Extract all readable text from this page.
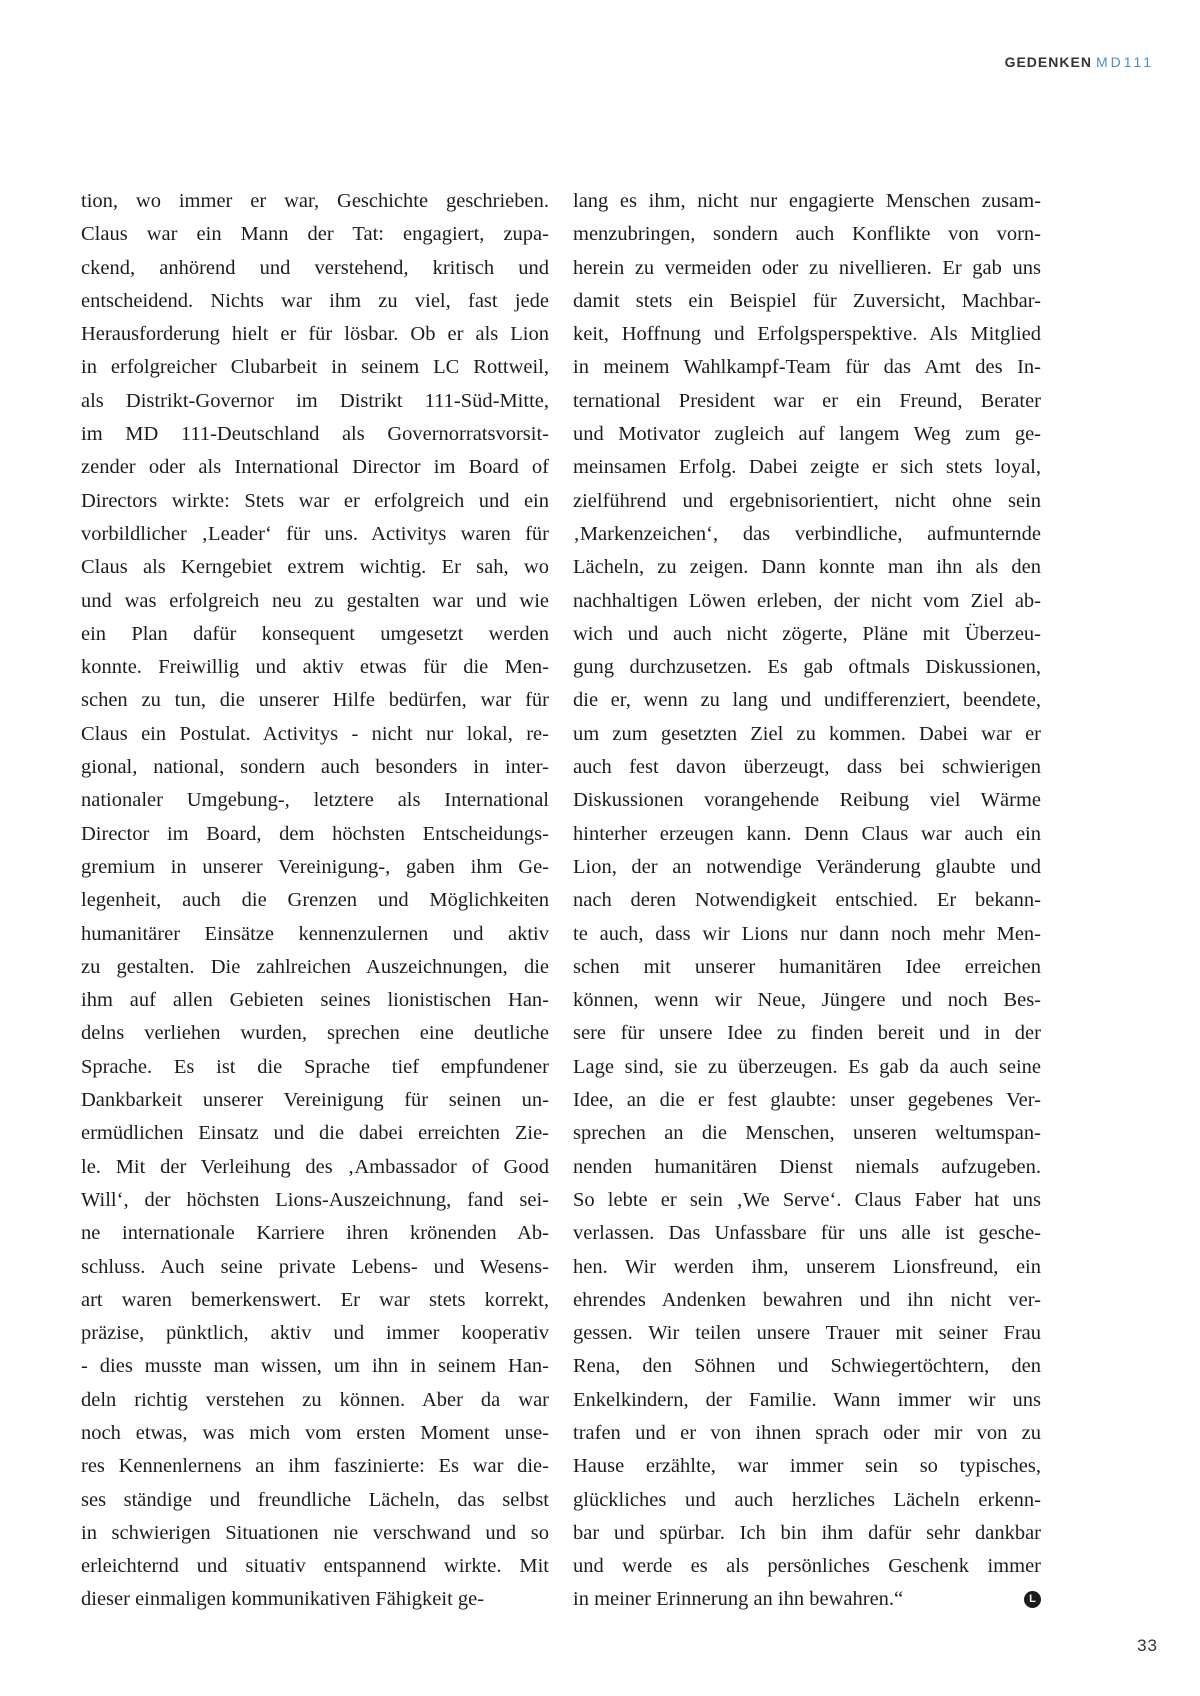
GEDENKEN MD111
tion, wo immer er war, Geschichte geschrieben.
Claus war ein Mann der Tat: engagiert, zupa-
ckend, anhörend und verstehend, kritisch und
entscheidend. Nichts war ihm zu viel, fast jede
Herausforderung hielt er für lösbar. Ob er als Lion
in erfolgreicher Clubarbeit in seinem LC Rottweil,
als Distrikt-Governor im Distrikt 111-Süd-Mitte,
im MD 111-Deutschland als Governorratsvorsit-
zender oder als International Director im Board of
Directors wirkte: Stets war er erfolgreich und ein
vorbildlicher ‚Leader‘ für uns. Activitys waren für
Claus als Kerngebiet extrem wichtig. Er sah, wo
und was erfolgreich neu zu gestalten war und wie
ein Plan dafür konsequent umgesetzt werden
konnte. Freiwillig und aktiv etwas für die Men-
schen zu tun, die unserer Hilfe bedürfen, war für
Claus ein Postulat. Activitys - nicht nur lokal, re-
gional, national, sondern auch besonders in inter-
nationaler Umgebung-, letztere als International
Director im Board, dem höchsten Entscheidungs-
gremium in unserer Vereinigung-, gaben ihm Ge-
legenheit, auch die Grenzen und Möglichkeiten
humanitärer Einsätze kennenzulernen und aktiv
zu gestalten. Die zahlreichen Auszeichnungen, die
ihm auf allen Gebieten seines lionistischen Han-
delns verliehen wurden, sprechen eine deutliche
Sprache. Es ist die Sprache tief empfundener
Dankbarkeit unserer Vereinigung für seinen un-
ermüdlichen Einsatz und die dabei erreichten Zie-
le. Mit der Verleihung des ‚Ambassador of Good
Will‘, der höchsten Lions-Auszeichnung, fand sei-
ne internationale Karriere ihren krönenden Ab-
schluss. Auch seine private Lebens- und Wesens-
art waren bemerkenswert. Er war stets korrekt,
präzise, pünktlich, aktiv und immer kooperativ
- dies musste man wissen, um ihn in seinem Han-
deln richtig verstehen zu können. Aber da war
noch etwas, was mich vom ersten Moment unse-
res Kennenlernens an ihm faszinierte: Es war die-
ses ständige und freundliche Lächeln, das selbst
in schwierigen Situationen nie verschwand und so
erleichternd und situativ entspannend wirkte. Mit
dieser einmaligen kommunikativen Fähigkeit ge-
lang es ihm, nicht nur engagierte Menschen zusam-
menzubringen, sondern auch Konflikte von vorn-
herein zu vermeiden oder zu nivellieren. Er gab uns
damit stets ein Beispiel für Zuversicht, Machbar-
keit, Hoffnung und Erfolgsperspektive. Als Mitglied
in meinem Wahlkampf-Team für das Amt des In-
ternational President war er ein Freund, Berater
und Motivator zugleich auf langem Weg zum ge-
meinsamen Erfolg. Dabei zeigte er sich stets loyal,
zielführend und ergebnisorientiert, nicht ohne sein
‚Markenzeichen‘, das verbindliche, aufmunternde
Lächeln, zu zeigen. Dann konnte man ihn als den
nachhaltigen Löwen erleben, der nicht vom Ziel ab-
wich und auch nicht zögerte, Pläne mit Überzeu-
gung durchzusetzen. Es gab oftmals Diskussionen,
die er, wenn zu lang und undifferenziert, beendete,
um zum gesetzten Ziel zu kommen. Dabei war er
auch fest davon überzeugt, dass bei schwierigen
Diskussionen vorangehende Reibung viel Wärme
hinterher erzeugen kann. Denn Claus war auch ein
Lion, der an notwendige Veränderung glaubte und
nach deren Notwendigkeit entschied. Er bekann-
te auch, dass wir Lions nur dann noch mehr Men-
schen mit unserer humanitären Idee erreichen
können, wenn wir Neue, Jüngere und noch Bes-
sere für unsere Idee zu finden bereit und in der
Lage sind, sie zu überzeugen. Es gab da auch seine
Idee, an die er fest glaubte: unser gegebenes Ver-
sprechen an die Menschen, unseren weltumspan-
nenden humanitären Dienst niemals aufzugeben.
So lebte er sein ‚We Serve‘. Claus Faber hat uns
verlassen. Das Unfassbare für uns alle ist gesche-
hen. Wir werden ihm, unserem Lionsfreund, ein
ehrendes Andenken bewahren und ihn nicht ver-
gessen. Wir teilen unsere Trauer mit seiner Frau
Rena, den Söhnen und Schwiegertöchtern, den
Enkelkindern, der Familie. Wann immer wir uns
trafen und er von ihnen sprach oder mir von zu
Hause erzählte, war immer sein so typisches,
glückliches und auch herzliches Lächeln erkenn-
bar und spürbar. Ich bin ihm dafür sehr dankbar
und werde es als persönliches Geschenk immer
in meiner Erinnerung an ihn bewahren.“	L
33
